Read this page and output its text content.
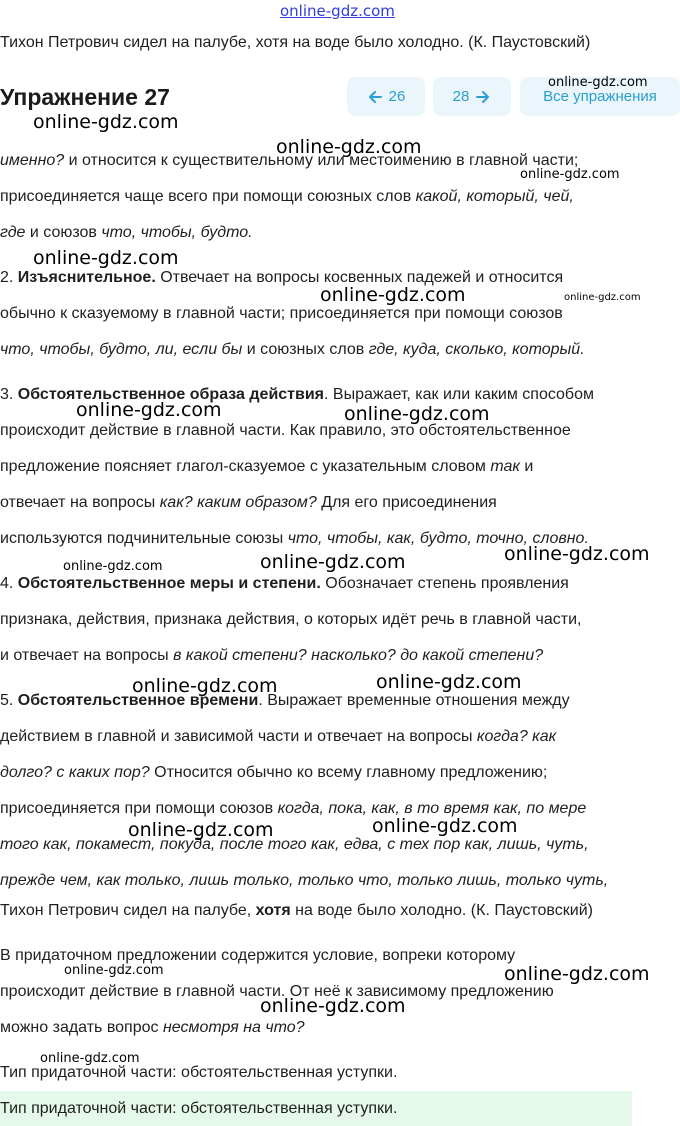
online-gdz.com
Тихон Петрович сидел на палубе, хотя на воде было холодно. (К. Паустовский)
Упражнение 27	26	28	Все упражнения
именно? и относится к существительному или местоимению в главной части;
присоединяется чаще всего при помощи союзных слов какой, который, чей,
где и союзов что, чтобы, будто.
2. Изъяснительное. Отвечает на вопросы косвенных падежей и относится
обычно к сказуемому в главной части; присоединяется при помощи союзов
что, чтобы, будто, ли, если бы и союзных слов где, куда, сколько, который.
3. Обстоятельственное образа действия. Выражает, как или каким способом
происходит действие в главной части. Как правило, это обстоятельственное
предложение поясняет глагол-сказуемое с указательным словом так и
отвечает на вопросы как? каким образом? Для его присоединения
используются подчинительные союзы что, чтобы, как, будто, точно, словно.
4. Обстоятельственное меры и степени. Обозначает степень проявления
признака, действия, признака действия, о которых идёт речь в главной части,
и отвечает на вопросы в какой степени? насколько? до какой степени?
5. Обстоятельственное времени. Выражает временные отношения между
действием в главной и зависимой части и отвечает на вопросы когда? как
долго? с каких пор? Относится обычно ко всему главному предложению;
присоединяется при помощи союзов когда, пока, как, в то время как, по мере
того как, покамест, покуда, после того как, едва, с тех пор как, лишь, чуть,
прежде чем, как только, лишь только, только что, только лишь, только чуть,
Тихон Петрович сидел на палубе, хотя на воде было холодно. (К. Паустовский)
В придаточном предложении содержится условие, вопреки которому
происходит действие в главной части. От неё к зависимому предложению
можно задать вопрос несмотря на что?
Тип придаточной части: обстоятельственная уступки.
Тип придаточной части: обстоятельственная уступки.
online-gdz.com
online-gdz.com
online-gdz.com
online-gdz.com
online-gdz.com
online-gdz.com	online-gdz.com
online-gdz.com	online-gdz.com
online-gdz.com
online-gdz.com	online-gdz.com
online-gdz.com
online-gdz.com
online-gdz.com
online-gdz.com
online-gdz.com	online-gdz.com
online-gdz.com
online-gdz.com
